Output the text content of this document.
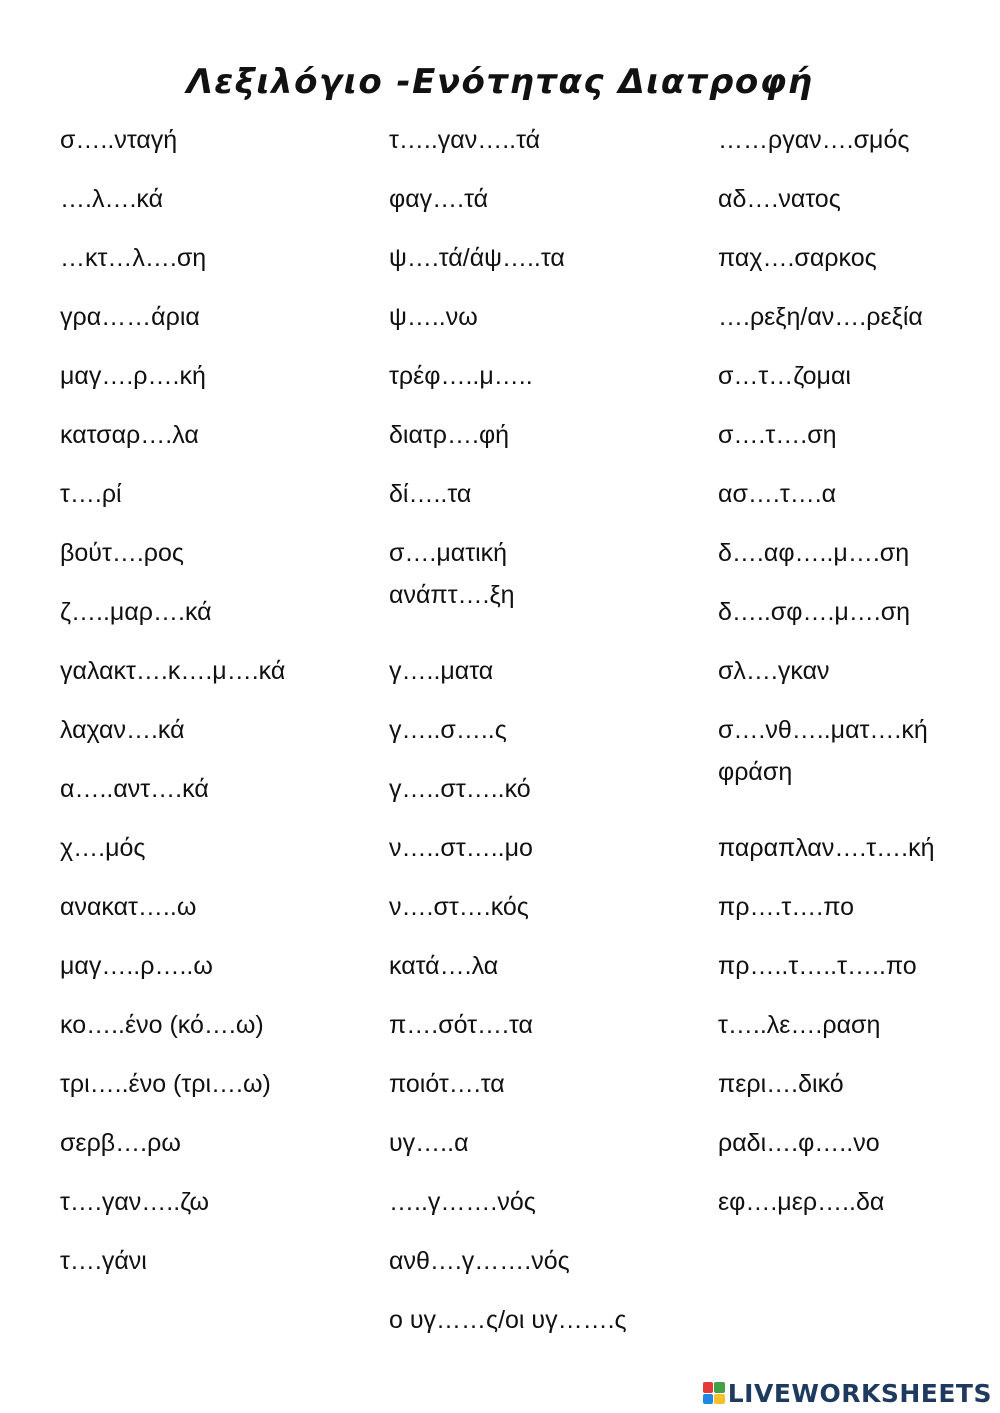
Λεξιλόγιο -Ενότητας Διατροφή
σ…..νταγή
….λ….κά
…κτ…λ….ση
γρα……άρια
μαγ….ρ….κή
κατσαρ….λα
τ….ρί
βούτ….ρος
ζ…..μαρ….κά
γαλακτ….κ….μ….κά
λαχαν….κά
α…..αντ….κά
χ….μός
ανακατ…..ω
μαγ…..ρ…..ω
κο…..ένο (κό….ω)
τρι…..ένο (τρι….ω)
σερβ….ρω
τ….γαν…..ζω
τ….γάνι
τ…..γαν…..τά
φαγ….τά
ψ….τά/άψ…..τα
ψ…..νω
τρέφ…..μ…..
διατρ….φή
δί…..τα
σ….ματική
ανάπτ….ξη
γ…..ματα
γ…..σ…..ς
γ…..στ…..κό
ν…..στ…..μο
ν….στ….κός
κατά….λα
π….σότ….τα
ποιότ….τα
υγ…..α
…..γ…….νός
ανθ….γ…….νός
ο υγ……ς/οι υγ…….ς
……ργαν….σμός
αδ….νατος
παχ….σαρκος
….ρεξη/αν….ρεξία
σ…τ…ζομαι
σ….τ….ση
ασ….τ….α
δ….αφ…..μ….ση
δ…..σφ….μ….ση
σλ….γκαν
σ….νθ…..ματ….κή
φράση
παραπλαν….τ….κή
πρ….τ….πο
πρ…..τ…..τ…..πο
τ…..λε….ραση
περι….δικό
ραδι….φ…..νο
εφ….μερ…..δα
LIVEWORKSHEETS
